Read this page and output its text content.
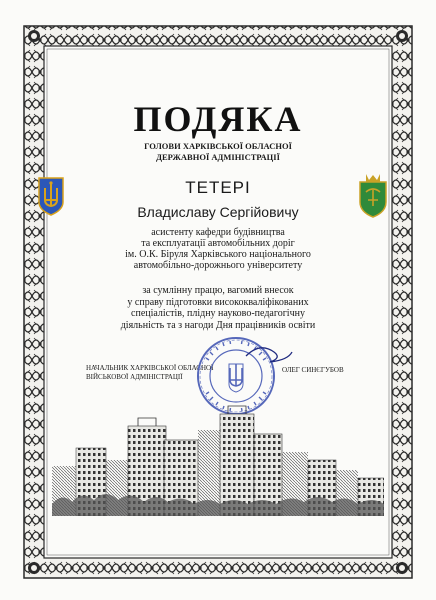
ПОДЯКА
ГОЛОВИ ХАРКІВСЬКОЇ ОБЛАСНОЇ
ДЕРЖАВНОЇ АДМІНІСТРАЦІЇ
ТЕТЕРІ
Владиславу Сергійовичу
асистенту кафедри будівництва
та експлуатації автомобільних доріг
ім. О.К. Біруля Харківського національного
автомобільно-дорожнього університету
за сумлінну працю, вагомий внесок
у справу підготовки висококваліфікованих
спеціалістів, плідну науково-педагогічну
діяльність та з нагоди Дня працівників освіти
НАЧАЛЬНИК ХАРКІВСЬКОЇ ОБЛАСНОЇ
ВІЙСЬКОВОЇ АДМІНІСТРАЦІЇ
ОЛЕГ СИНЄГУБОВ
